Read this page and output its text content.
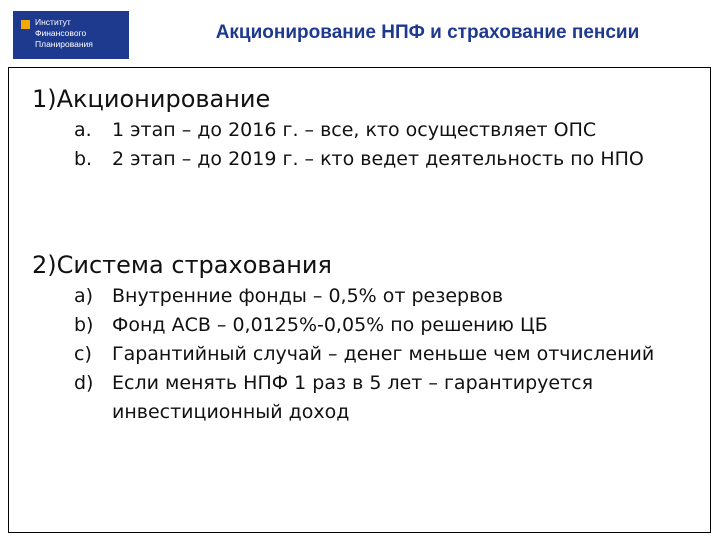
Институт
Финансового
Планирования
Акционирование НПФ и страхование пенсии
1)Акционирование
a. 1 этап – до 2016 г. – все, кто осуществляет ОПС
b. 2 этап – до 2019 г. – кто ведет деятельность по НПО
2)Система страхования
a) Внутренние фонды – 0,5% от резервов
b) Фонд АСВ – 0,0125%-0,05% по решению ЦБ
c) Гарантийный случай – денег меньше чем отчислений
d) Если менять НПФ 1 раз в 5 лет – гарантируется инвестиционный доход
